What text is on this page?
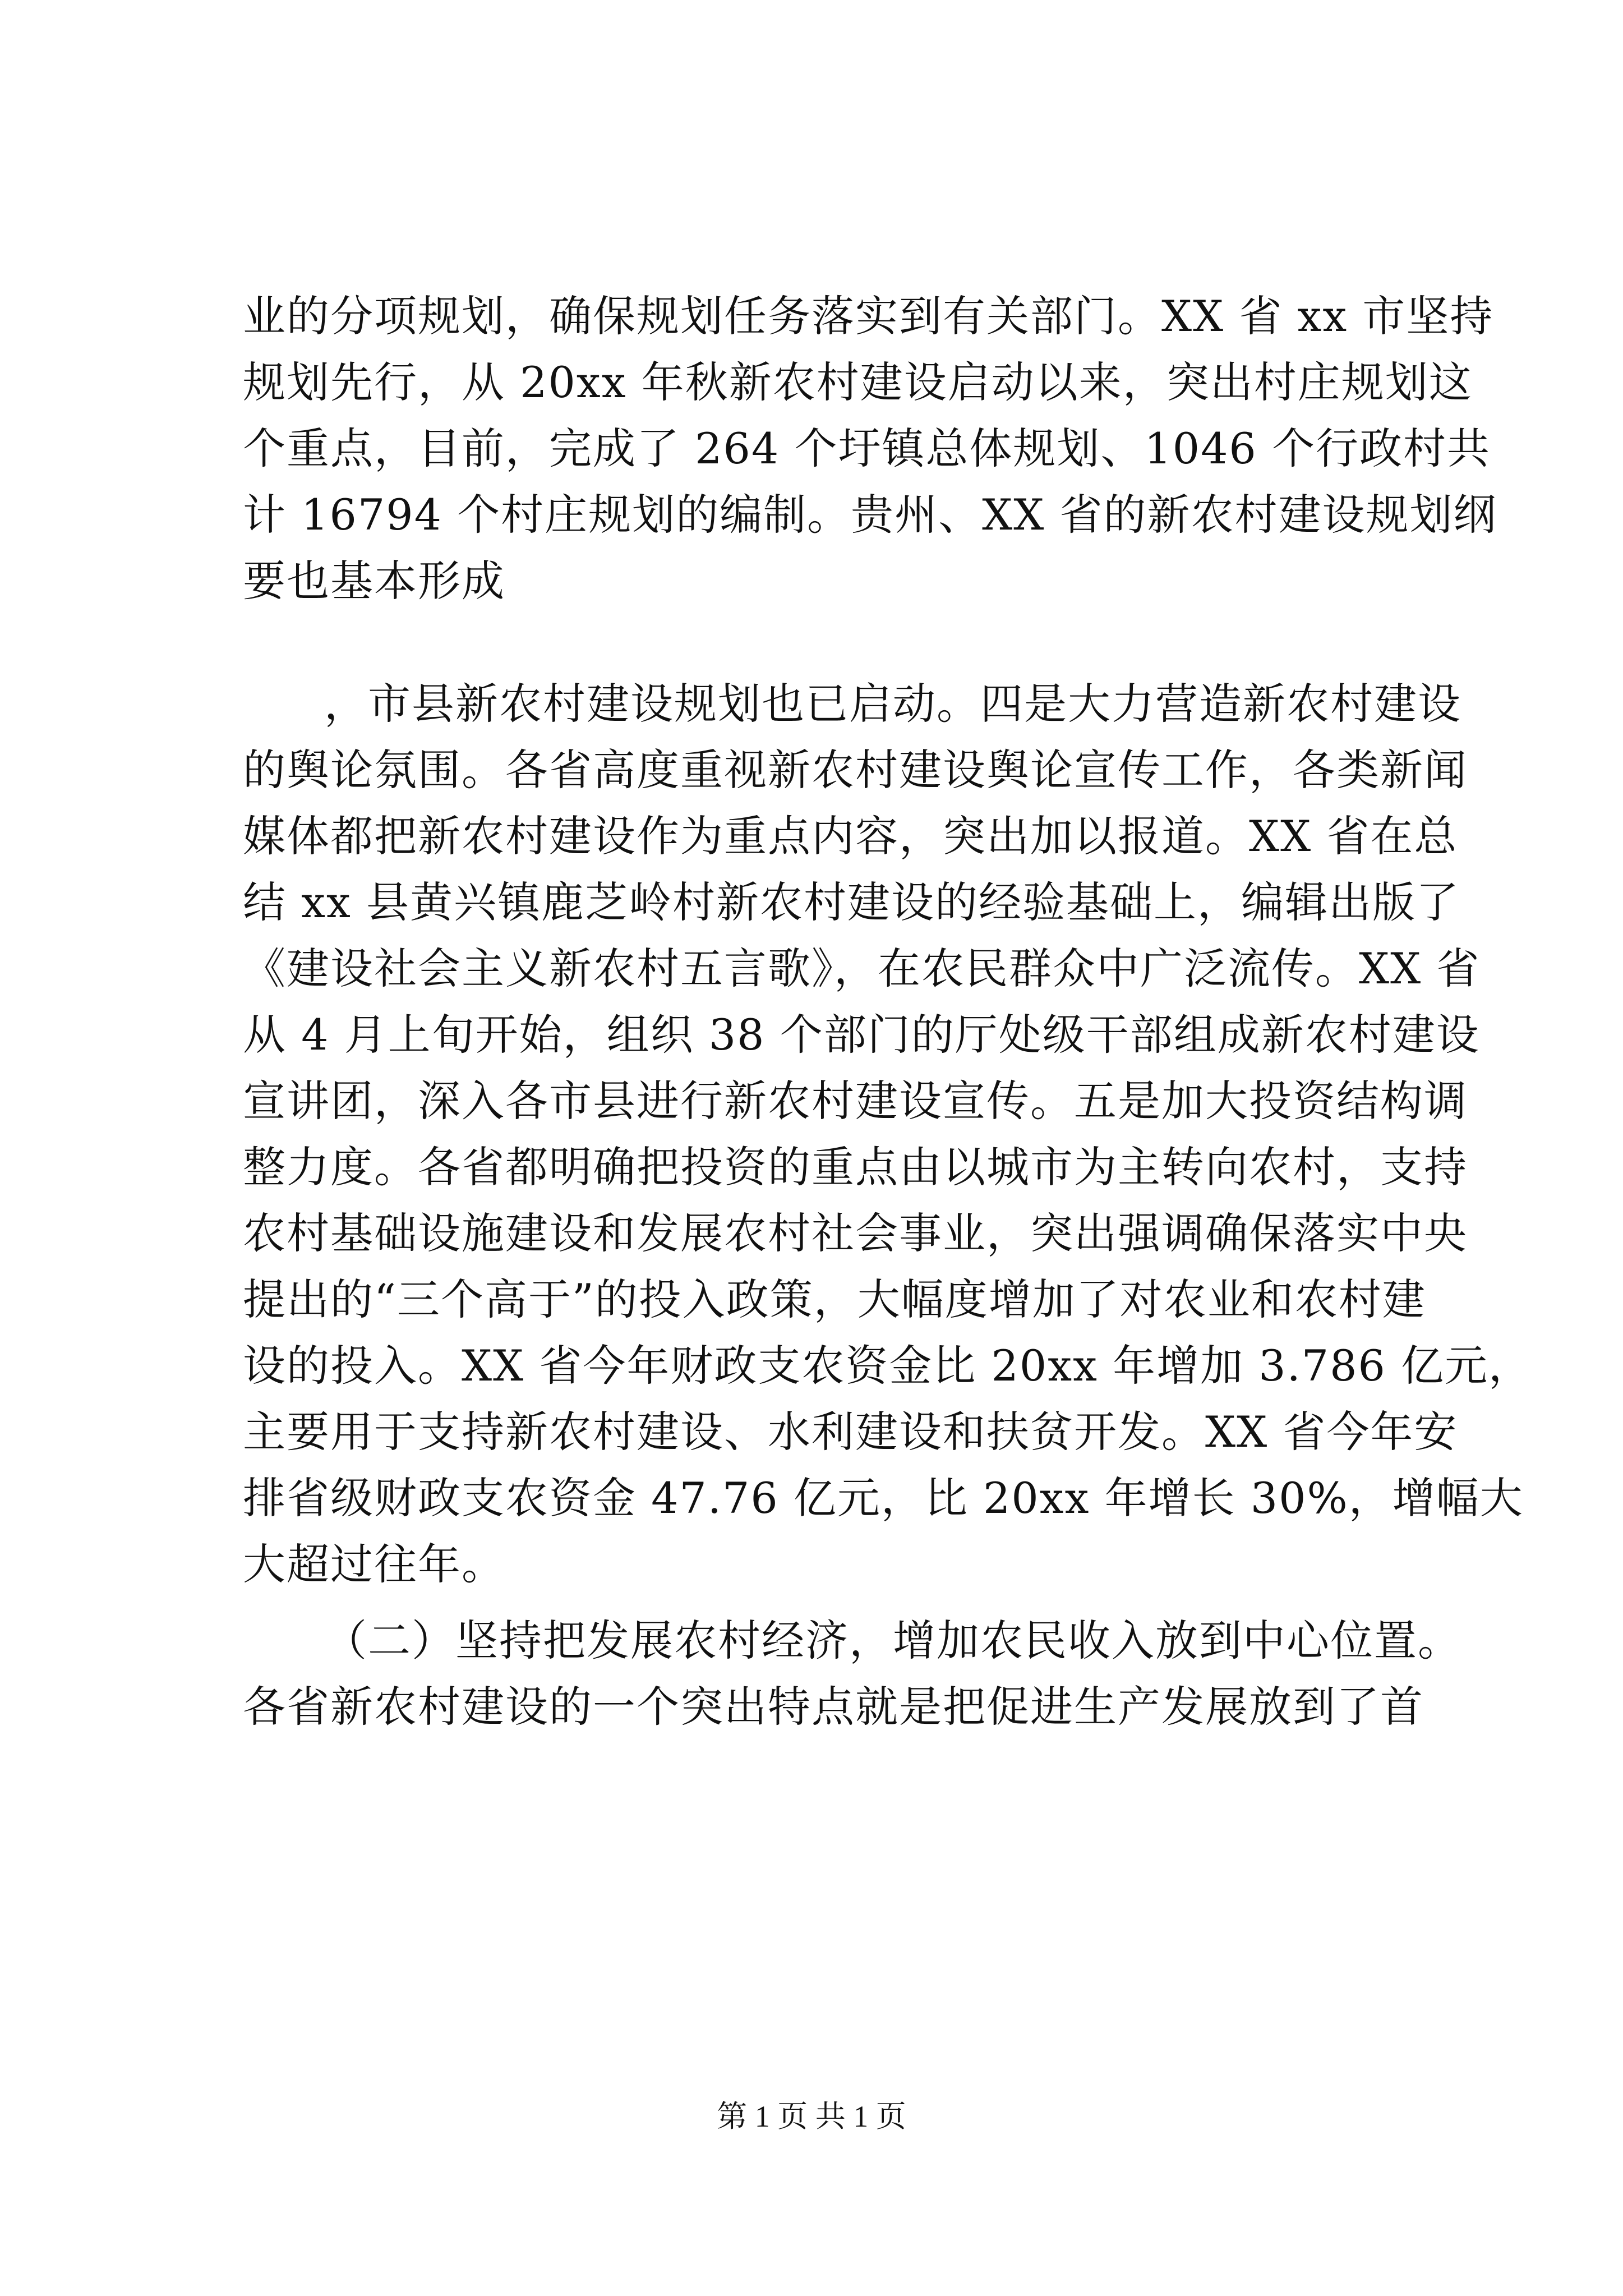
业的分项规划，确保规划任务落实到有关部门。XX 省 xx 市坚持
规划先行，从 20xx 年秋新农村建设启动以来，突出村庄规划这
个重点，目前，完成了 264 个圩镇总体规划、1046 个行政村共
计 16794 个村庄规划的编制。贵州、XX 省的新农村建设规划纲
要也基本形成
，市县新农村建设规划也已启动。四是大力营造新农村建设
的舆论氛围。各省高度重视新农村建设舆论宣传工作，各类新闻
媒体都把新农村建设作为重点内容，突出加以报道。XX 省在总
结 xx 县黄兴镇鹿芝岭村新农村建设的经验基础上，编辑出版了
《建设社会主义新农村五言歌》，在农民群众中广泛流传。XX 省
从 4 月上旬开始，组织 38 个部门的厅处级干部组成新农村建设
宣讲团，深入各市县进行新农村建设宣传。五是加大投资结构调
整力度。各省都明确把投资的重点由以城市为主转向农村，支持
农村基础设施建设和发展农村社会事业，突出强调确保落实中央
提出的“三个高于”的投入政策，大幅度增加了对农业和农村建
设的投入。XX 省今年财政支农资金比 20xx 年增加 3.786 亿元，
主要用于支持新农村建设、水利建设和扶贫开发。XX 省今年安
排省级财政支农资金 47.76 亿元，比 20xx 年增长 30%，增幅大
大超过往年。
（二）坚持把发展农村经济，增加农民收入放到中心位置。
各省新农村建设的一个突出特点就是把促进生产发展放到了首
第 1 页 共 1 页
